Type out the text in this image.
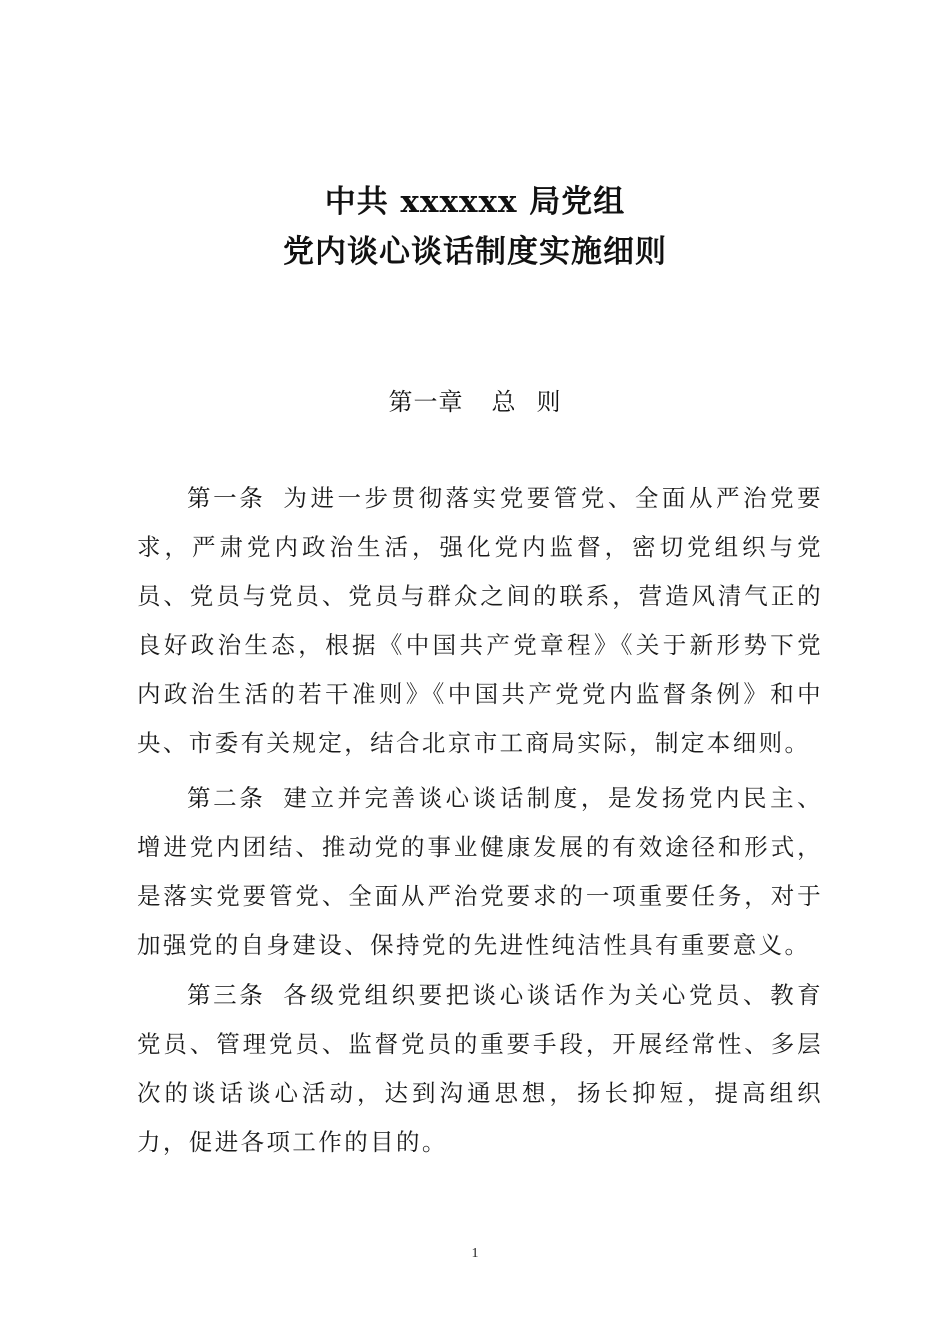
中共 xxxxxx 局党组
党内谈心谈话制度实施细则
第一章 总 则

第一条 为进一步贯彻落实党要管党、全面从严治党要求，严肃党内政治生活，强化党内监督，密切党组织与党员、党员与党员、党员与群众之间的联系，营造风清气正的良好政治生态，根据《中国共产党章程》《关于新形势下党内政治生活的若干准则》《中国共产党党内监督条例》和中央、市委有关规定，结合北京市工商局实际，制定本细则。

第二条 建立并完善谈心谈话制度，是发扬党内民主、增进党内团结、推动党的事业健康发展的有效途径和形式，是落实党要管党、全面从严治党要求的一项重要任务，对于加强党的自身建设、保持党的先进性纯洁性具有重要意义。

第三条 各级党组织要把谈心谈话作为关心党员、教育党员、管理党员、监督党员的重要手段，开展经常性、多层次的谈话谈心活动，达到沟通思想，扬长抑短，提高组织力，促进各项工作的目的。

1
